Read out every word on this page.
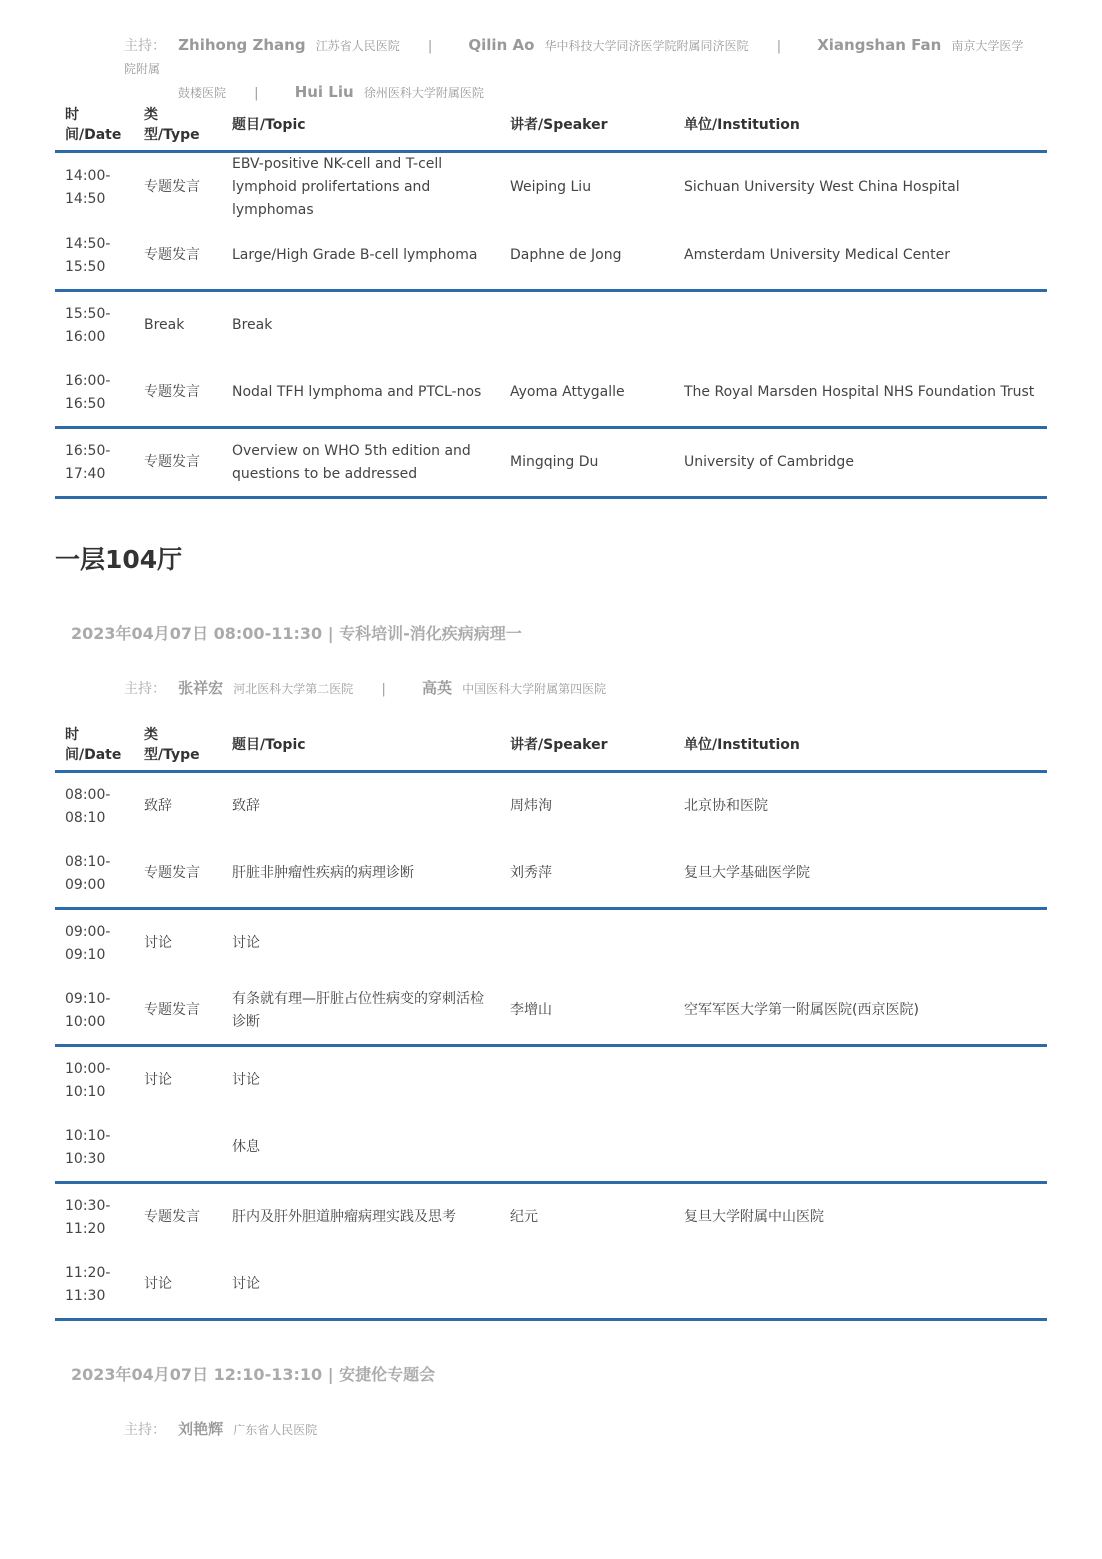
主持： Zhihong Zhang 江苏省人民医院 | Qilin Ao 华中科技大学同济医学院附属同济医院 | Xiangshan Fan 南京大学医学院附属
鼓楼医院 | Hui Liu 徐州医科大学附属医院
时间/Date	类型/Type	题目/Topic	讲者/Speaker	单位/Institution
14:00-
14:50	专题发言	EBV-positive NK-cell and T-cell lymphoid prolifertations and lymphomas	Weiping Liu	Sichuan University West China Hospital
14:50-
15:50	专题发言	Large/High Grade B-cell lymphoma	Daphne de Jong	Amsterdam University Medical Center
15:50-
16:00	Break	Break		
16:00-
16:50	专题发言	Nodal TFH lymphoma and PTCL-nos	Ayoma Attygalle	The Royal Marsden Hospital NHS Foundation Trust
16:50-
17:40	专题发言	Overview on WHO 5th edition and questions to be addressed	Mingqing Du	University of Cambridge
一层104厅
2023年04月07日 08:00-11:30 | 专科培训-消化疾病病理一
主持： 张祥宏 河北医科大学第二医院 | 高英 中国医科大学附属第四医院
时间/Date	类型/Type	题目/Topic	讲者/Speaker	单位/Institution
08:00-
08:10	致辞	致辞	周炜洵	北京协和医院
08:10-
09:00	专题发言	肝脏非肿瘤性疾病的病理诊断	刘秀萍	复旦大学基础医学院
09:00-
09:10	讨论	讨论		
09:10-
10:00	专题发言	有条就有理—肝脏占位性病变的穿刺活检诊断	李增山	空军军医大学第一附属医院(西京医院)
10:00-
10:10	讨论	讨论		
10:10-
10:30		休息		
10:30-
11:20	专题发言	肝内及肝外胆道肿瘤病理实践及思考	纪元	复旦大学附属中山医院
11:20-
11:30	讨论	讨论		
2023年04月07日 12:10-13:10 | 安捷伦专题会
主持： 刘艳辉 广东省人民医院
